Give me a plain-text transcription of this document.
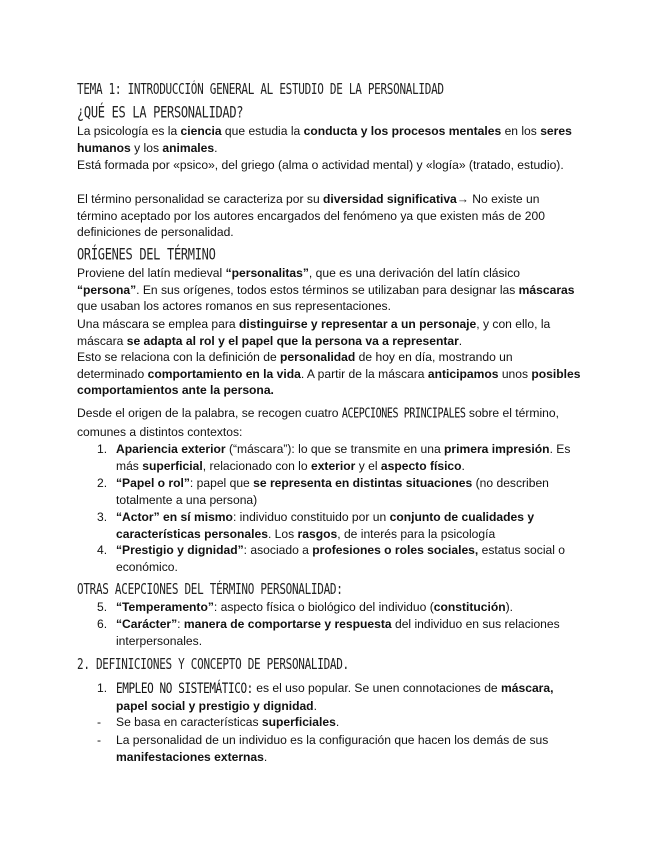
TEMA 1: INTRODUCCIÓN GENERAL AL ESTUDIO DE LA PERSONALIDAD
¿QUÉ ES LA PERSONALIDAD?
La psicología es la ciencia que estudia la conducta y los procesos mentales en los seres humanos y los animales.
Está formada por «psico», del griego (alma o actividad mental) y «logía» (tratado, estudio).
El término personalidad se caracteriza por su diversidad significativa→ No existe un término aceptado por los autores encargados del fenómeno ya que existen más de 200 definiciones de personalidad.
ORÍGENES DEL TÉRMINO
Proviene del latín medieval “personalitas”, que es una derivación del latín clásico “persona”. En sus orígenes, todos estos términos se utilizaban para designar las máscaras que usaban los actores romanos en sus representaciones.
Una máscara se emplea para distinguirse y representar a un personaje, y con ello, la máscara se adapta al rol y el papel que la persona va a representar.
Esto se relaciona con la definición de personalidad de hoy en día, mostrando un determinado comportamiento en la vida. A partir de la máscara anticipamos unos posibles comportamientos ante la persona.
Desde el origen de la palabra, se recogen cuatro ACEPCIONES PRINCIPALES sobre el término, comunes a distintos contextos:
1. Apariencia exterior (“máscara”): lo que se transmite en una primera impresión. Es más superficial, relacionado con lo exterior y el aspecto físico.
2. “Papel o rol”: papel que se representa en distintas situaciones (no describen totalmente a una persona)
3. “Actor” en sí mismo: individuo constituido por un conjunto de cualidades y características personales. Los rasgos, de interés para la psicología
4. “Prestigio y dignidad”: asociado a profesiones o roles sociales, estatus social o económico.
OTRAS ACEPCIONES DEL TÉRMINO PERSONALIDAD:
5. “Temperamento”: aspecto física o biológico del individuo (constitución).
6. “Carácter”: manera de comportarse y respuesta del individuo en sus relaciones interpersonales.
2. DEFINICIONES Y CONCEPTO DE PERSONALIDAD.
1. EMPLEO NO SISTEMÁTICO: es el uso popular. Se unen connotaciones de máscara, papel social y prestigio y dignidad.
- Se basa en características superficiales.
- La personalidad de un individuo es la configuración que hacen los demás de sus manifestaciones externas.
